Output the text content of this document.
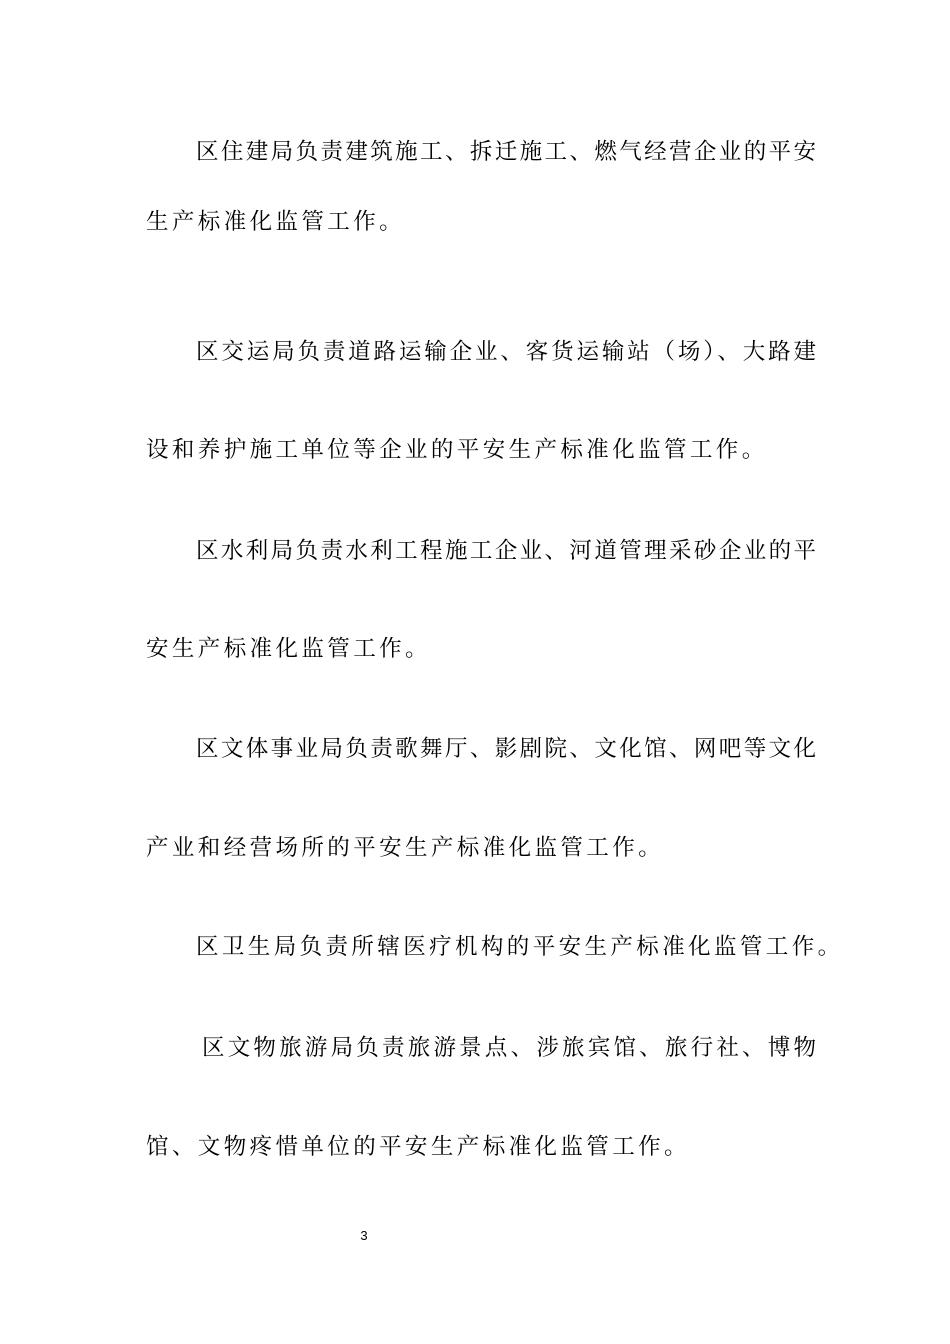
区住建局负责建筑施工、拆迁施工、燃气经营企业的平安
生产标准化监管工作。
区交运局负责道路运输企业、客货运输站（场）、大路建
设和养护施工单位等企业的平安生产标准化监管工作。
区水利局负责水利工程施工企业、河道管理采砂企业的平
安生产标准化监管工作。
区文体事业局负责歌舞厅、影剧院、文化馆、网吧等文化
产业和经营场所的平安生产标准化监管工作。
区卫生局负责所辖医疗机构的平安生产标准化监管工作。
区文物旅游局负责旅游景点、涉旅宾馆、旅行社、博物
馆、文物疼惜单位的平安生产标准化监管工作。
3
